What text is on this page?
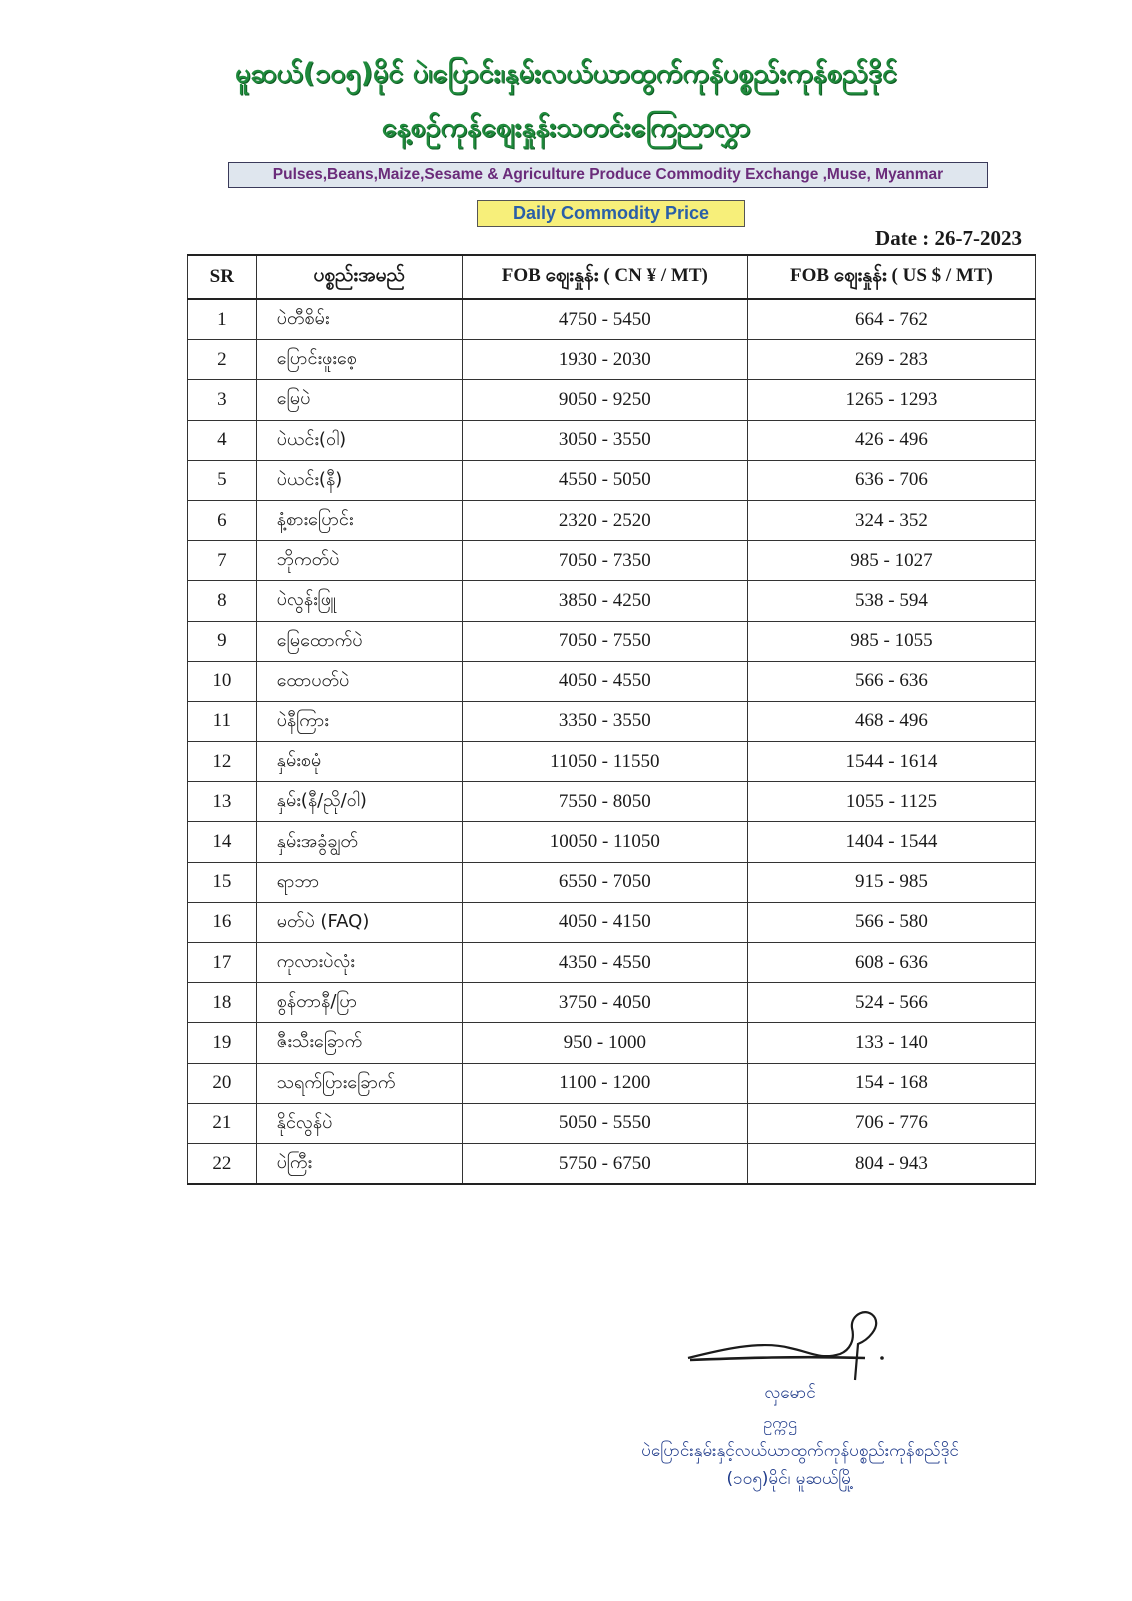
မူဆယ်(၁၀၅)မိုင် ပဲ၊ပြောင်း၊နှမ်းလယ်ယာထွက်ကုန်ပစ္စည်းကုန်စည်ဒိုင်
နေ့စဉ်ကုန်ဈေးနှုန်းသတင်းကြေညာလွှာ
Pulses,Beans,Maize,Sesame & Agriculture Produce Commodity Exchange ,Muse, Myanmar
Daily Commodity Price
Date : 26-7-2023
SR	ပစ္စည်းအမည်	FOB ဈေးနှုန်း ( CN ¥ / MT)	FOB ဈေးနှုန်း ( US $ / MT)
1	ပဲတီစိမ်း	4750 - 5450	664 - 762
2	ပြောင်းဖူးစေ့	1930 - 2030	269 - 283
3	မြေပဲ	9050 - 9250	1265 - 1293
4	ပဲယင်း(ဝါ)	3050 - 3550	426 - 496
5	ပဲယင်း(နီ)	4550 - 5050	636 - 706
6	နံ့စားပြောင်း	2320 - 2520	324 - 352
7	ဘိုကတ်ပဲ	7050 - 7350	985 - 1027
8	ပဲလွန်းဖြူ	3850 - 4250	538 - 594
9	မြေထောက်ပဲ	7050 - 7550	985 - 1055
10	ထောပတ်ပဲ	4050 - 4550	566 - 636
11	ပဲနီကြား	3350 - 3550	468 - 496
12	နှမ်းစမုံ	11050 - 11550	1544 - 1614
13	နှမ်း(နီ/ညို/ဝါ)	7550 - 8050	1055 - 1125
14	နှမ်းအခွံချွတ်	10050 - 11050	1404 - 1544
15	ရာဘာ	6550 - 7050	915 - 985
16	မတ်ပဲ (FAQ)	4050 - 4150	566 - 580
17	ကုလားပဲလုံး	4350 - 4550	608 - 636
18	စွန်တာနီ/ပြာ	3750 - 4050	524 - 566
19	ဇီးသီးခြောက်	950 - 1000	133 - 140
20	သရက်ပြားခြောက်	1100 - 1200	154 - 168
21	နိုင်လွန်ပဲ	5050 - 5550	706 - 776
22	ပဲကြီး	5750 - 6750	804 - 943
လှမောင်
ဥက္ကဌ
ပဲပြောင်းနှမ်းနှင့်လယ်ယာထွက်ကုန်ပစ္စည်းကုန်စည်ဒိုင်
(၁၀၅)မိုင်၊ မူဆယ်မြို့
